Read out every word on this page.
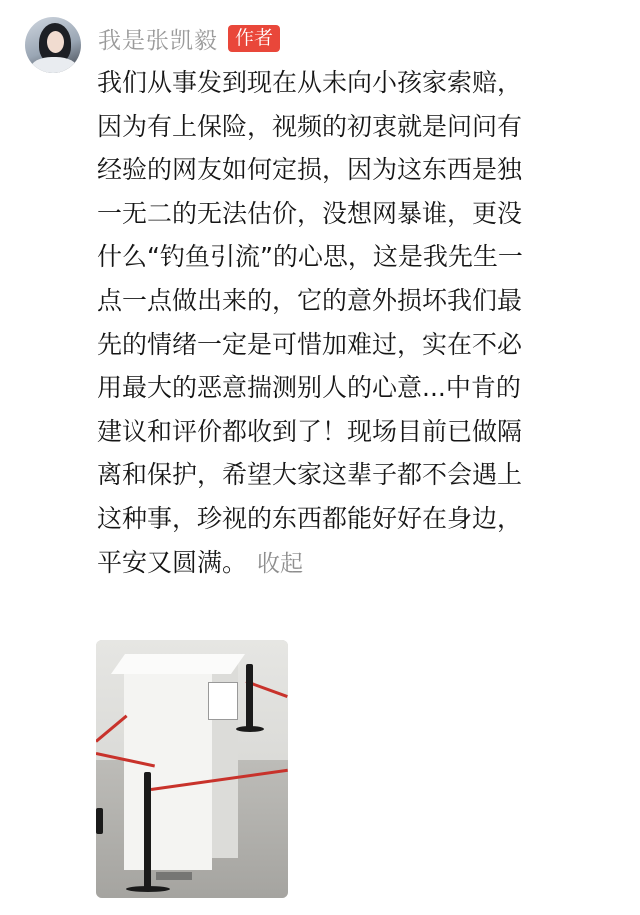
我是张凯毅 作者

我们从事发到现在从未向小孩家索赔，
因为有上保险，视频的初衷就是问问有
经验的网友如何定损，因为这东西是独
一无二的无法估价，没想网暴谁，更没
什么“钓鱼引流”的心思，这是我先生一
点一点做出来的，它的意外损坏我们最
先的情绪一定是可惜加难过，实在不必
用最大的恶意揣测别人的心意...中肯的
建议和评价都收到了！现场目前已做隔
离和保护，希望大家这辈子都不会遇上
这种事，珍视的东西都能好好在身边，
平安又圆满。 收起
